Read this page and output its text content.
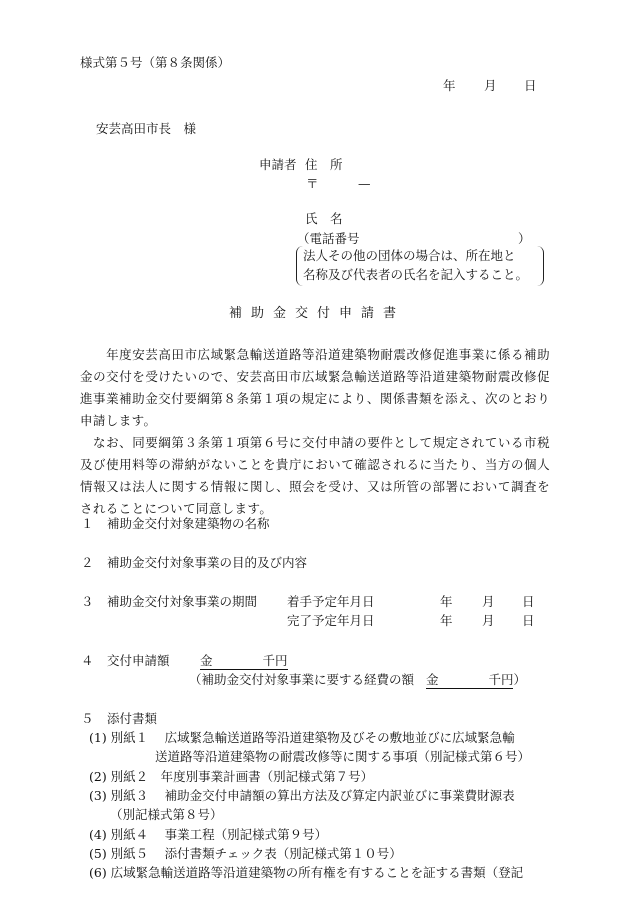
様式第５号（第８条関係）
年 月 日
安芸高田市長　様
申請者 住　所
〒	—
氏　名
（電話番号	）
法人その他の団体の場合は、所在地と
名称及び代表者の氏名を記入すること。
補助金交付申請書
　　年度安芸高田市広域緊急輸送道路等沿道建築物耐震改修促進事業に係る補助金の交付を受けたいので、安芸高田市広域緊急輸送道路等沿道建築物耐震改修促進事業補助金交付要綱第８条第１項の規定により、関係書類を添え、次のとおり申請します。
　なお、同要綱第３条第１項第６号に交付申請の要件として規定されている市税及び使用料等の滞納がないことを貴庁において確認されるに当たり、当方の個人情報又は法人に関する情報に関し、照会を受け、又は所管の部署において調査をされることについて同意します。
１ 補助金交付対象建築物の名称
２ 補助金交付対象事業の目的及び内容
３ 補助金交付対象事業の期間 着手予定年月日	年 月 日
完了予定年月日	年 月 日
４ 交付申請額 金　　　　千円
（補助金交付対象事業に要する経費の額 金　　　　千円）
５ 添付書類
(1) 別紙１　 広域緊急輸送道路等沿道建築物及びその敷地並びに広域緊急輸
送道路等沿道建築物の耐震改修等に関する事項（別記様式第６号）
(2) 別紙２　年度別事業計画書（別記様式第７号）
(3) 別紙３　 補助金交付申請額の算出方法及び算定内訳並びに事業費財源表
（別記様式第８号）
(4) 別紙４　 事業工程（別記様式第９号）
(5) 別紙５　 添付書類チェック表（別記様式第１０号）
(6) 広域緊急輸送道路等沿道建築物の所有権を有することを証する書類（登記
